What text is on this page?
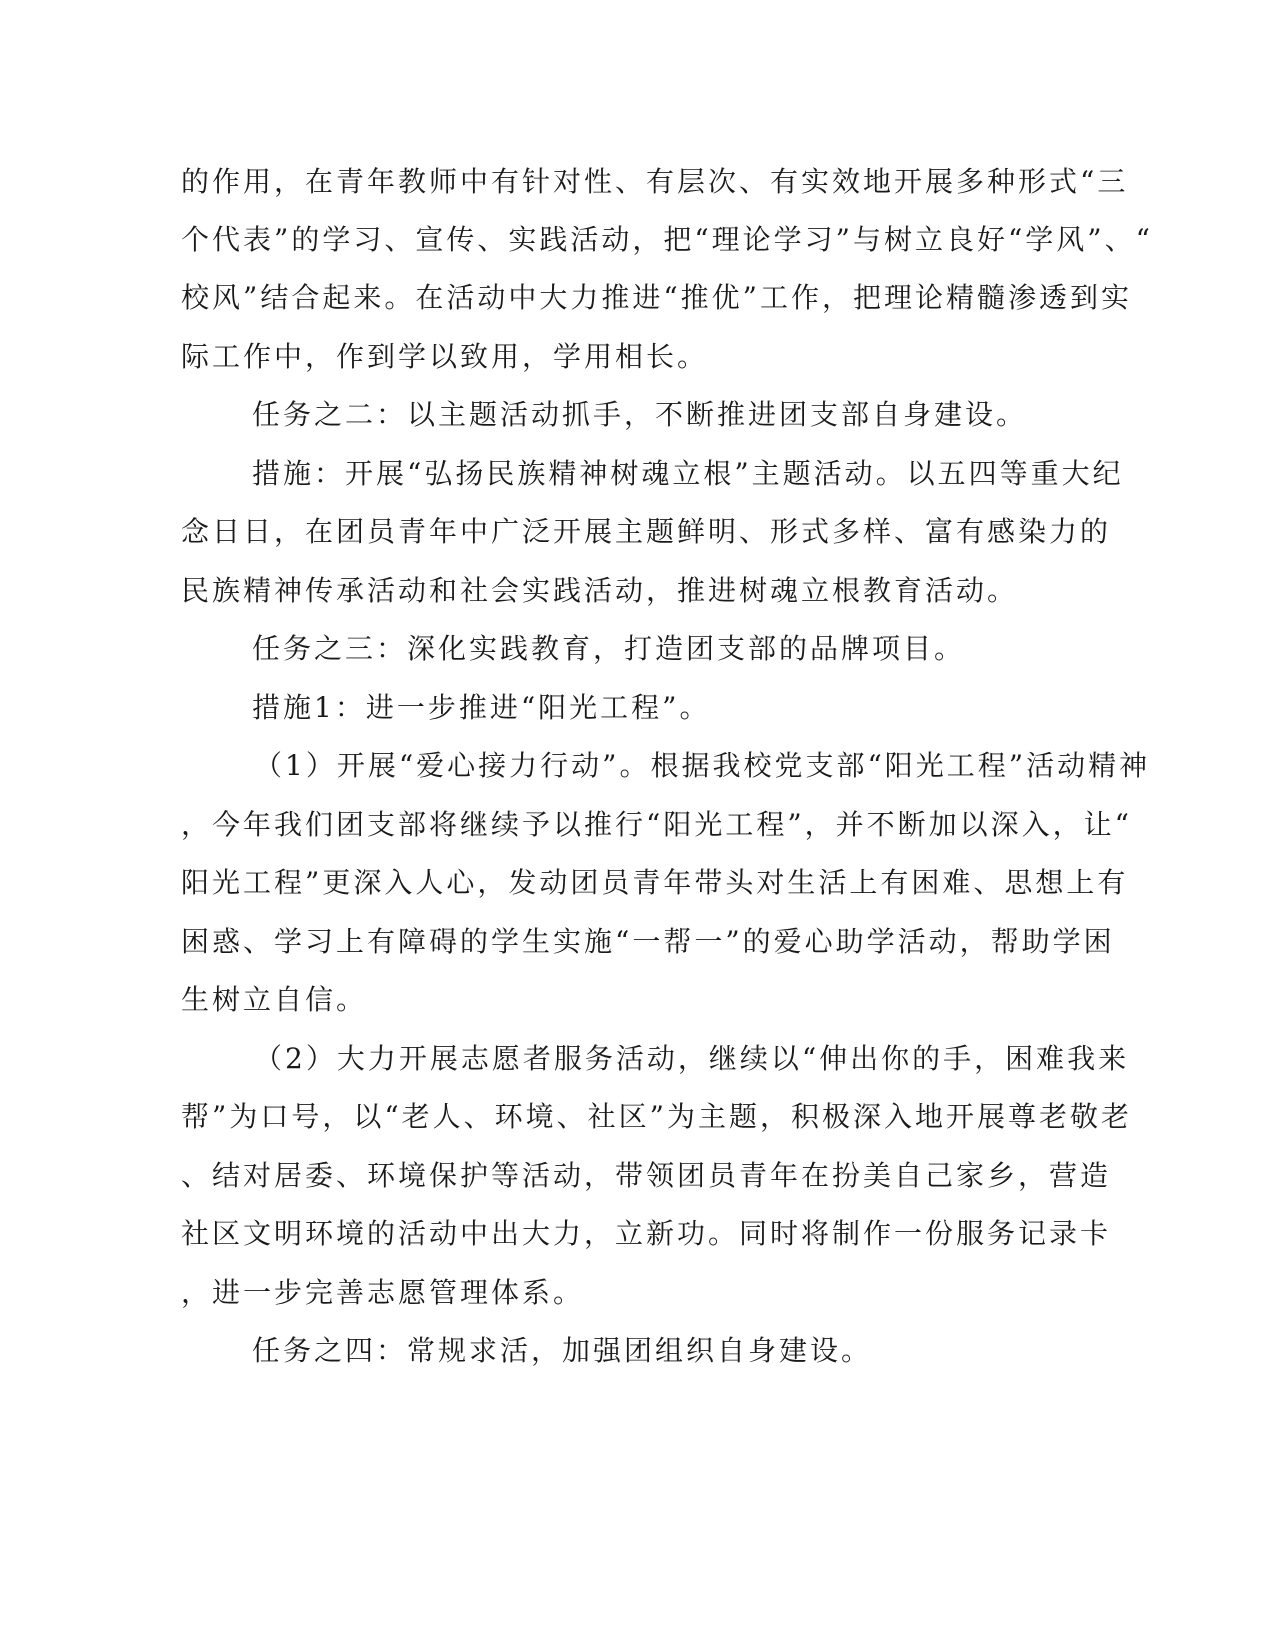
的作用，在青年教师中有针对性、有层次、有实效地开展多种形式“三
个代表”的学习、宣传、实践活动，把“理论学习”与树立良好“学风”、“
校风”结合起来。在活动中大力推进“推优”工作，把理论精髓渗透到实
际工作中，作到学以致用，学用相长。
任务之二：以主题活动抓手，不断推进团支部自身建设。
措施：开展“弘扬民族精神树魂立根”主题活动。以五四等重大纪
念日日，在团员青年中广泛开展主题鲜明、形式多样、富有感染力的
民族精神传承活动和社会实践活动，推进树魂立根教育活动。
任务之三：深化实践教育，打造团支部的品牌项目。
措施1：进一步推进“阳光工程”。
（1）开展“爱心接力行动”。根据我校党支部“阳光工程”活动精神
，今年我们团支部将继续予以推行“阳光工程”，并不断加以深入，让“
阳光工程”更深入人心，发动团员青年带头对生活上有困难、思想上有
困惑、学习上有障碍的学生实施“一帮一”的爱心助学活动，帮助学困
生树立自信。
（2）大力开展志愿者服务活动，继续以“伸出你的手，困难我来
帮”为口号，以“老人、环境、社区”为主题，积极深入地开展尊老敬老
、结对居委、环境保护等活动，带领团员青年在扮美自己家乡，营造
社区文明环境的活动中出大力，立新功。同时将制作一份服务记录卡
，进一步完善志愿管理体系。
任务之四：常规求活，加强团组织自身建设。
